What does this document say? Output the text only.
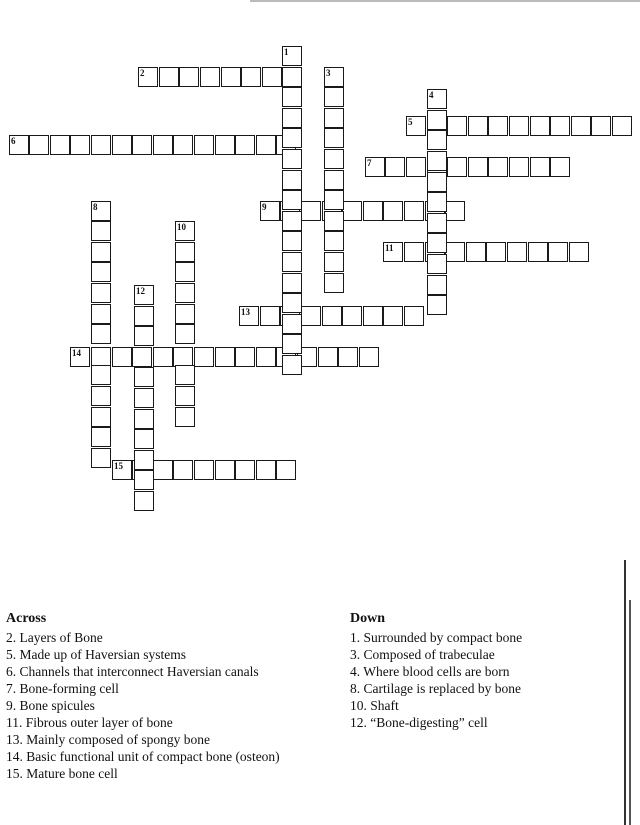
2
5
6
7
9
11
13
14
15
1
3
4
8
10
12
Across
2. Layers of Bone
5. Made up of Haversian systems
6. Channels that interconnect Haversian canals
7. Bone-forming cell
9. Bone spicules
11. Fibrous outer layer of bone
13. Mainly composed of spongy bone
14. Basic functional unit of compact bone (osteon)
15. Mature bone cell
Down
1. Surrounded by compact bone
3. Composed of trabeculae
4. Where blood cells are born
8. Cartilage is replaced by bone
10. Shaft
12. “Bone-digesting” cell
